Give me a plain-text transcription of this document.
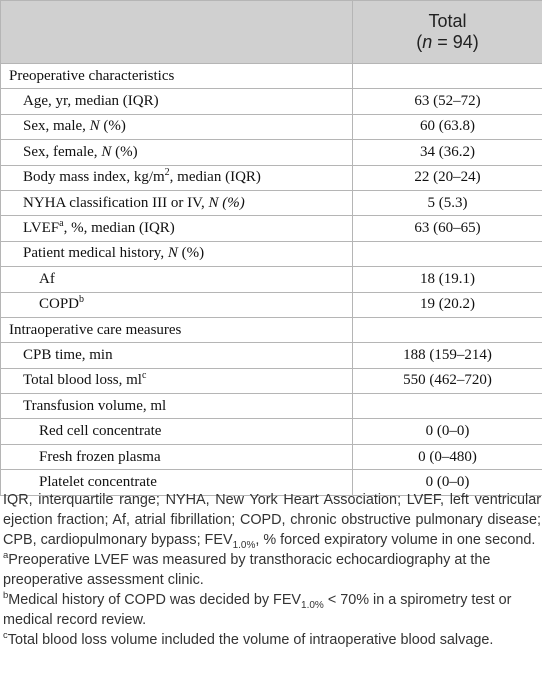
	Total
(n = 94)

Preoperative characteristics	
Age, yr, median (IQR)	63 (52–72)
Sex, male, N (%)	60 (63.8)
Sex, female, N (%)	34 (36.2)
Body mass index, $kg/m^2$, median (IQR)	22 (20–24)
NYHA classification III or IV, N (%)	5 (5.3)
LVEF$^a$, %, median (IQR)	63 (60–65)
Patient medical history, N (%)	
Af	18 (19.1)
COPD$^b$	19 (20.2)
Intraoperative care measures	
CPB time, min	188 (159–214)
Total blood loss, $ml^c$	550 (462–720)
Transfusion volume, ml	
Red cell concentrate	0 (0–0)
Fresh frozen plasma	0 (0–480)
Platelet concentrate	0 (0–0)

IQR, interquartile range; NYHA, New York Heart Association; LVEF, left ventricular ejection fraction; Af, atrial fibrillation; COPD, chronic obstructive pulmonary disease; CPB, cardiopulmonary bypass; $FEV_{1.0\%}$, % forced expiratory volume in one second.

$^a$Preoperative LVEF was measured by transthoracic echocardiography at the preoperative assessment clinic.

$^b$Medical history of COPD was decided by $FEV_{1.0\%} < 70\%$ in a spirometry test or medical record review.

$^c$Total blood loss volume included the volume of intraoperative blood salvage.
